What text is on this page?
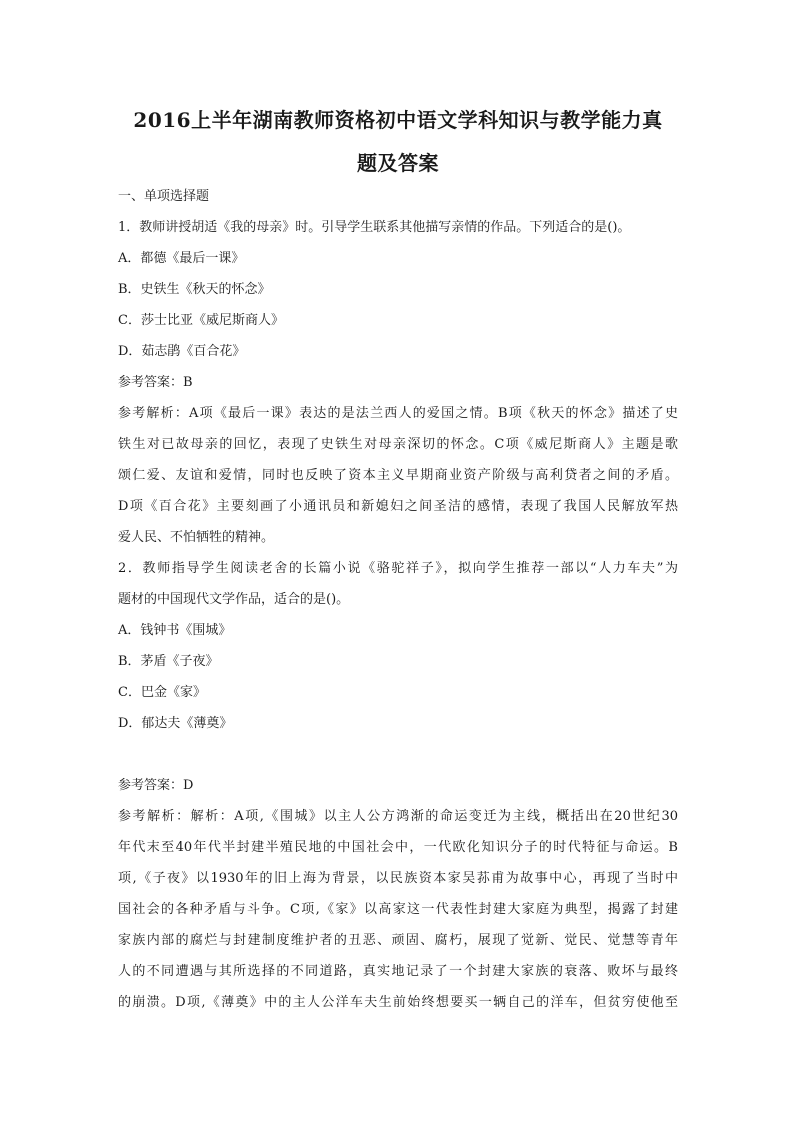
2016上半年湖南教师资格初中语文学科知识与教学能力真
题及答案
一、单项选择题
1．教师讲授胡适《我的母亲》时。引导学生联系其他描写亲情的作品。下列适合的是()。
A．都德《最后一课》
B．史铁生《秋天的怀念》
C．莎士比亚《威尼斯商人》
D．茹志鹃《百合花》
参考答案：B
参考解析：A项《最后一课》表达的是法兰西人的爱国之情。B项《秋天的怀念》描述了史
铁生对已故母亲的回忆，表现了史铁生对母亲深切的怀念。C项《威尼斯商人》主题是歌
颂仁爱、友谊和爱情，同时也反映了资本主义早期商业资产阶级与高利贷者之间的矛盾。
D项《百合花》主要刻画了小通讯员和新媳妇之间圣洁的感情，表现了我国人民解放军热
爱人民、不怕牺牲的精神。
2．教师指导学生阅读老舍的长篇小说《骆驼祥子》，拟向学生推荐一部以“人力车夫”为
题材的中国现代文学作品，适合的是()。
A．钱钟书《围城》
B．茅盾《子夜》
C．巴金《家》
D．郁达夫《薄奠》
参考答案：D
参考解析：解析：A项,《围城》以主人公方鸿渐的命运变迁为主线，概括出在20世纪30
年代末至40年代半封建半殖民地的中国社会中，一代欧化知识分子的时代特征与命运。B
项,《子夜》以1930年的旧上海为背景，以民族资本家吴荪甫为故事中心，再现了当时中
国社会的各种矛盾与斗争。C项,《家》以高家这一代表性封建大家庭为典型，揭露了封建
家族内部的腐烂与封建制度维护者的丑恶、顽固、腐朽，展现了觉新、觉民、觉慧等青年
人的不同遭遇与其所选择的不同道路，真实地记录了一个封建大家族的衰落、败坏与最终
的崩溃。D项,《薄奠》中的主人公洋车夫生前始终想要买一辆自己的洋车，但贫穷使他至
